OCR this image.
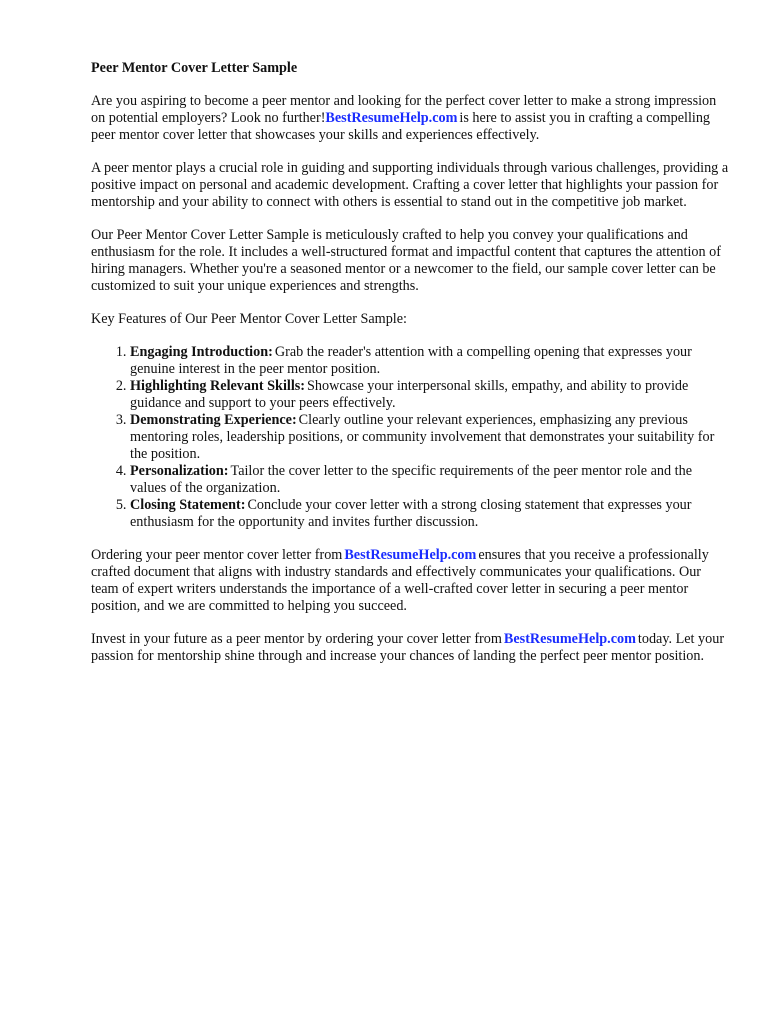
Peer Mentor Cover Letter Sample

Are you aspiring to become a peer mentor and looking for the perfect cover letter to make a strong impression on potential employers? Look no further!BestResumeHelp.com is here to assist you in crafting a compelling peer mentor cover letter that showcases your skills and experiences effectively.

A peer mentor plays a crucial role in guiding and supporting individuals through various challenges, providing a positive impact on personal and academic development. Crafting a cover letter that highlights your passion for mentorship and your ability to connect with others is essential to stand out in the competitive job market.

Our Peer Mentor Cover Letter Sample is meticulously crafted to help you convey your qualifications and enthusiasm for the role. It includes a well-structured format and impactful content that captures the attention of hiring managers. Whether you're a seasoned mentor or a newcomer to the field, our sample cover letter can be customized to suit your unique experiences and strengths.

Key Features of Our Peer Mentor Cover Letter Sample:

1. Engaging Introduction: Grab the reader's attention with a compelling opening that expresses your genuine interest in the peer mentor position.
2. Highlighting Relevant Skills: Showcase your interpersonal skills, empathy, and ability to provide guidance and support to your peers effectively.
3. Demonstrating Experience: Clearly outline your relevant experiences, emphasizing any previous mentoring roles, leadership positions, or community involvement that demonstrates your suitability for the position.
4. Personalization: Tailor the cover letter to the specific requirements of the peer mentor role and the values of the organization.
5. Closing Statement: Conclude your cover letter with a strong closing statement that expresses your enthusiasm for the opportunity and invites further discussion.

Ordering your peer mentor cover letter from BestResumeHelp.com ensures that you receive a professionally crafted document that aligns with industry standards and effectively communicates your qualifications. Our team of expert writers understands the importance of a well-crafted cover letter in securing a peer mentor position, and we are committed to helping you succeed.

Invest in your future as a peer mentor by ordering your cover letter from BestResumeHelp.com today. Let your passion for mentorship shine through and increase your chances of landing the perfect peer mentor position.
